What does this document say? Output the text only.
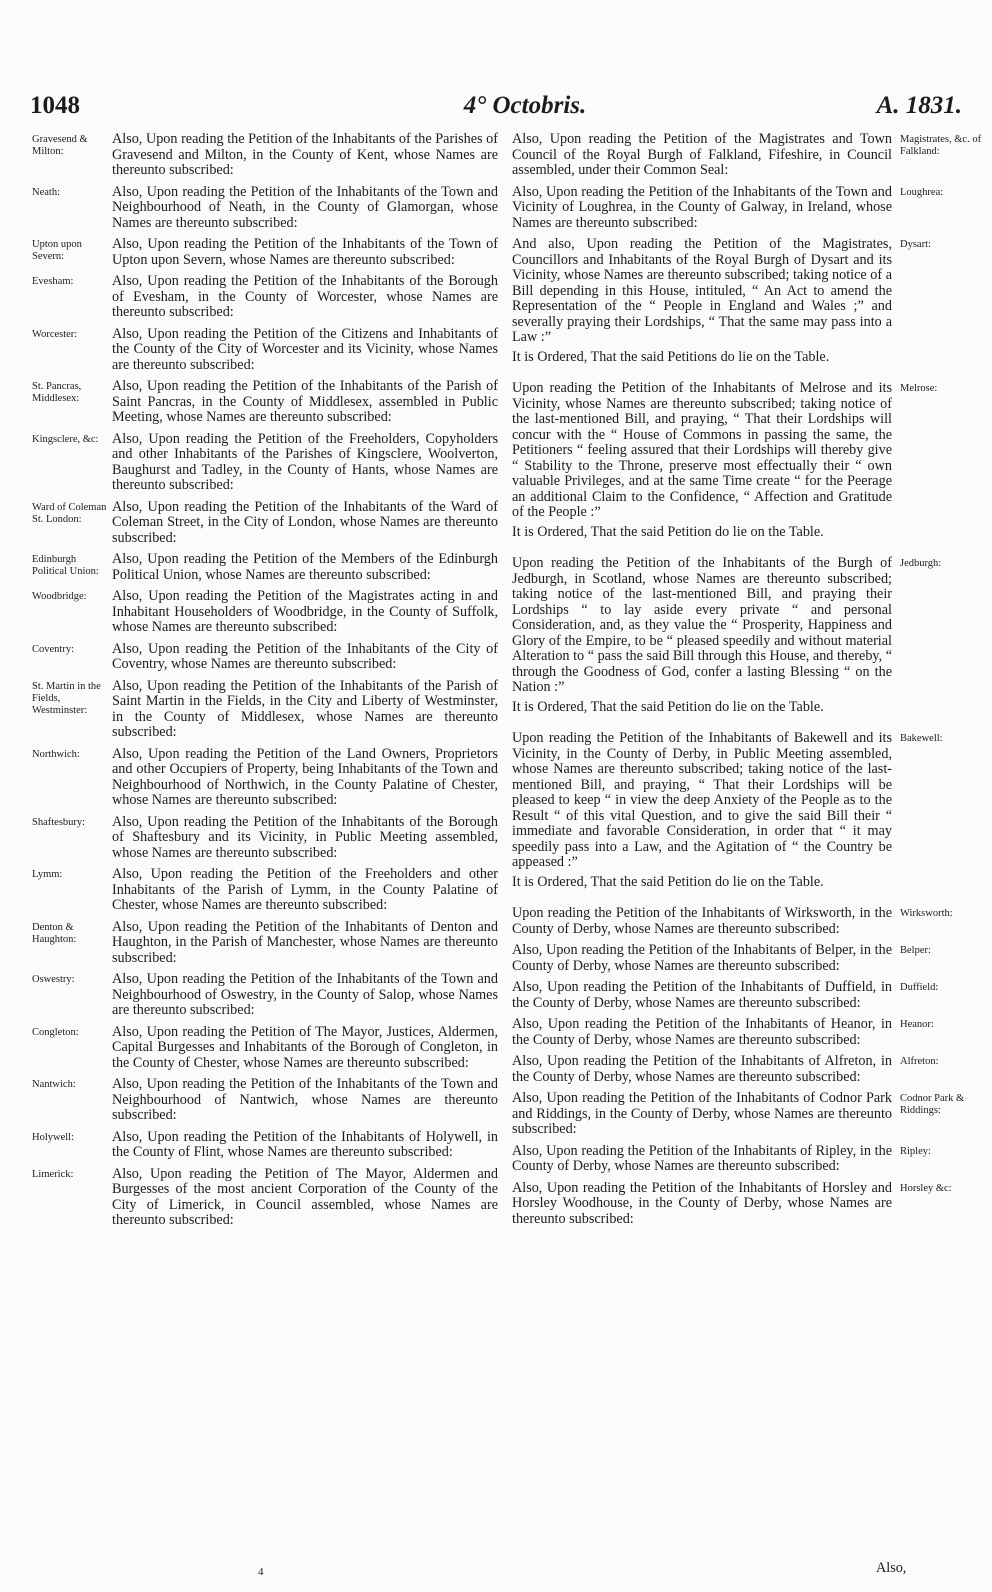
1048	4° Octobris.	A. 1831.
Gravesend & Milton:
Also, Upon reading the Petition of the Inhabitants of the Parishes of Gravesend and Milton, in the County of Kent, whose Names are thereunto subscribed:
Neath:	Also, Upon reading the Petition of the Inhabitants of the Town and Neighbourhood of Neath, in the County of Glamorgan, whose Names are thereunto subscribed:
Upton upon Severn:
Also, Upon reading the Petition of the Inhabitants of the Town of Upton upon Severn, whose Names are thereunto subscribed:
Evesham:	Also, Upon reading the Petition of the Inhabitants of the Borough of Evesham, in the County of Worcester, whose Names are thereunto subscribed:
Worcester:	Also, Upon reading the Petition of the Citizens and Inhabitants of the County of the City of Worcester and its Vicinity, whose Names are thereunto subscribed:
St. Pancras, Middlesex:
Also, Upon reading the Petition of the Inhabitants of the Parish of Saint Pancras, in the County of Middlesex, assembled in Public Meeting, whose Names are thereunto subscribed:
Kingsclere, &c: Also, Upon reading the Petition of the Freeholders, Copyholders and other Inhabitants of the Parishes of Kingsclere, Woolverton, Baughurst and Tadley, in the County of Hants, whose Names are thereunto subscribed:
Ward of Coleman St. London:
Also, Upon reading the Petition of the Inhabitants of the Ward of Coleman Street, in the City of London, whose Names are thereunto subscribed:
Edinburgh Political Union:
Also, Upon reading the Petition of the Members of the Edinburgh Political Union, whose Names are thereunto subscribed:
Woodbridge:	Also, Upon reading the Petition of the Magistrates acting in and Inhabitant Householders of Woodbridge, in the County of Suffolk, whose Names are thereunto subscribed:
Coventry:	Also, Upon reading the Petition of the Inhabitants of the City of Coventry, whose Names are thereunto subscribed:
St. Martin in the Fields, Westminster:
Also, Upon reading the Petition of the Inhabitants of the Parish of Saint Martin in the Fields, in the City and Liberty of Westminster, in the County of Middlesex, whose Names are thereunto subscribed:
Northwich:	Also, Upon reading the Petition of the Land Owners, Proprietors and other Occupiers of Property, being Inhabitants of the Town and Neighbourhood of Northwich, in the County Palatine of Chester, whose Names are thereunto subscribed:
Shaftesbury:	Also, Upon reading the Petition of the Inhabitants of the Borough of Shaftesbury and its Vicinity, in Public Meeting assembled, whose Names are thereunto subscribed:
Lymm:	Also, Upon reading the Petition of the Freeholders and other Inhabitants of the Parish of Lymm, in the County Palatine of Chester, whose Names are thereunto subscribed:
Denton & Haughton:
Also, Upon reading the Petition of the Inhabitants of Denton and Haughton, in the Parish of Manchester, whose Names are thereunto subscribed:
Oswestry:	Also, Upon reading the Petition of the Inhabitants of the Town and Neighbourhood of Oswestry, in the County of Salop, whose Names are thereunto subscribed:
Congleton:	Also, Upon reading the Petition of The Mayor, Justices, Aldermen, Capital Burgesses and Inhabitants of the Borough of Congleton, in the County of Chester, whose Names are thereunto subscribed:
Nantwich:	Also, Upon reading the Petition of the Inhabitants of the Town and Neighbourhood of Nantwich, whose Names are thereunto subscribed:
Holywell:	Also, Upon reading the Petition of the Inhabitants of Holywell, in the County of Flint, whose Names are thereunto subscribed:
Limerick:	Also, Upon reading the Petition of The Mayor, Aldermen and Burgesses of the most ancient Corporation of the County of the City of Limerick, in Council assembled, whose Names are thereunto subscribed:
Magistrates, &c. of Falkland:
Also, Upon reading the Petition of the Magistrates and Town Council of the Royal Burgh of Falkland, Fifeshire, in Council assembled, under their Common Seal:
Loughrea:
Also, Upon reading the Petition of the Inhabitants of the Town and Vicinity of Loughrea, in the County of Galway, in Ireland, whose Names are thereunto subscribed:
Dysart:
And also, Upon reading the Petition of the Magistrates, Councillors and Inhabitants of the Royal Burgh of Dysart and its Vicinity, whose Names are thereunto subscribed; taking notice of a Bill depending in this House, intituled, “ An Act to amend the Representation of the “ People in England and Wales ;” and severally praying their Lordships, “ That the same may pass into a Law :”
It is Ordered, That the said Petitions do lie on the Table.
Melrose:
Upon reading the Petition of the Inhabitants of Melrose and its Vicinity, whose Names are thereunto subscribed; taking notice of the last-mentioned Bill, and praying, “ That their Lordships will concur with the “ House of Commons in passing the same, the Petitioners “ feeling assured that their Lordships will thereby give “ Stability to the Throne, preserve most effectually their “ own valuable Privileges, and at the same Time create “ for the Peerage an additional Claim to the Confidence, “ Affection and Gratitude of the People :”
It is Ordered, That the said Petition do lie on the Table.
Jedburgh:
Upon reading the Petition of the Inhabitants of the Burgh of Jedburgh, in Scotland, whose Names are thereunto subscribed; taking notice of the last-mentioned Bill, and praying their Lordships “ to lay aside every private “ and personal Consideration, and, as they value the “ Prosperity, Happiness and Glory of the Empire, to be “ pleased speedily and without material Alteration to “ pass the said Bill through this House, and thereby, “ through the Goodness of God, confer a lasting Blessing “ on the Nation :”
It is Ordered, That the said Petition do lie on the Table.
Bakewell:
Upon reading the Petition of the Inhabitants of Bakewell and its Vicinity, in the County of Derby, in Public Meeting assembled, whose Names are thereunto subscribed; taking notice of the last-mentioned Bill, and praying, “ That their Lordships will be pleased to keep “ in view the deep Anxiety of the People as to the Result “ of this vital Question, and to give the said Bill their “ immediate and favorable Consideration, in order that “ it may speedily pass into a Law, and the Agitation of “ the Country be appeased :”
It is Ordered, That the said Petition do lie on the Table.
Wirksworth:
Upon reading the Petition of the Inhabitants of Wirksworth, in the County of Derby, whose Names are thereunto subscribed:
Belper:
Also, Upon reading the Petition of the Inhabitants of Belper, in the County of Derby, whose Names are thereunto subscribed:
Duffield:
Also, Upon reading the Petition of the Inhabitants of Duffield, in the County of Derby, whose Names are thereunto subscribed:
Heanor:
Also, Upon reading the Petition of the Inhabitants of Heanor, in the County of Derby, whose Names are thereunto subscribed:
Alfreton:
Also, Upon reading the Petition of the Inhabitants of Alfreton, in the County of Derby, whose Names are thereunto subscribed:
Codnor Park & Riddings:
Also, Upon reading the Petition of the Inhabitants of Codnor Park and Riddings, in the County of Derby, whose Names are thereunto subscribed:
Ripley:
Also, Upon reading the Petition of the Inhabitants of Ripley, in the County of Derby, whose Names are thereunto subscribed:
Horsley &c:
Also, Upon reading the Petition of the Inhabitants of Horsley and Horsley Woodhouse, in the County of Derby, whose Names are thereunto subscribed:
4	Also,
